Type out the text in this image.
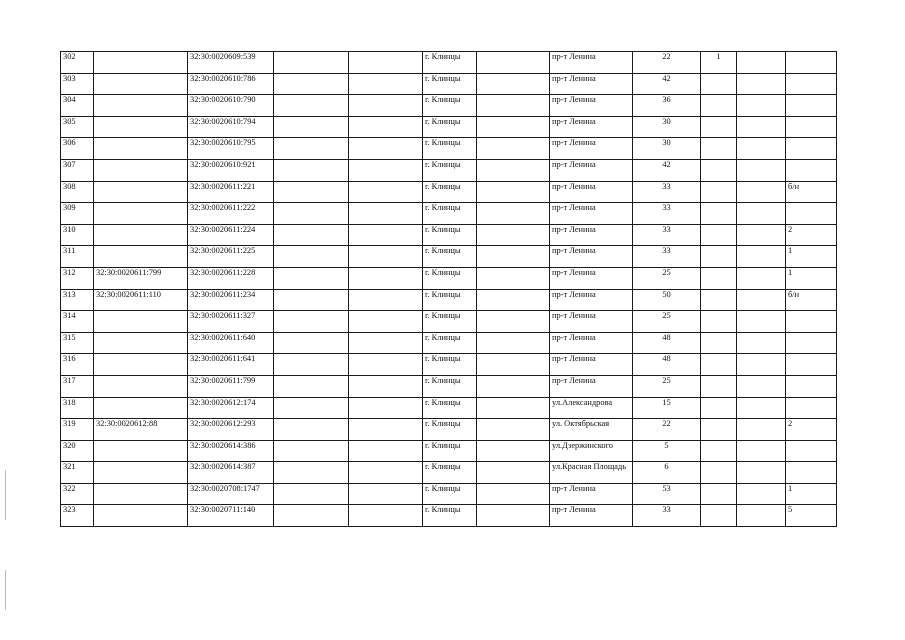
302		32:30:0020609:539			г. Клинцы		пр-т Ленина	22	1		
303		32:30:0020610:786			г. Клинцы		пр-т Ленина	42			
304		32:30:0020610:790			г. Клинцы		пр-т Ленина	36			
305		32:30:0020610:794			г. Клинцы		пр-т Ленина	30			
306		32:30:0020610:795			г. Клинцы		пр-т Ленина	30			
307		32:30:0020610:921			г. Клинцы		пр-т Ленина	42			
308		32:30:0020611:221			г. Клинцы		пр-т Ленина	33			б/н
309		32:30:0020611:222			г. Клинцы		пр-т Ленина	33			
310		32:30:0020611:224			г. Клинцы		пр-т Ленина	33			2
311		32:30:0020611:225			г. Клинцы		пр-т Ленина	33			1
312	32:30:0020611:799	32:30:0020611:228			г. Клинцы		пр-т Ленина	25			1
313	32:30:0020611:110	32:30:0020611:234			г. Клинцы		пр-т Ленина	50			б/н
314		32:30:0020611:327			г. Клинцы		пр-т Ленина	25			
315		32:30:0020611:640			г. Клинцы		пр-т Ленина	48			
316		32:30:0020611:641			г. Клинцы		пр-т Ленина	48			
317		32:30:0020611:799			г. Клинцы		пр-т Ленина	25			
318		32:30:0020612:174			г. Клинцы		ул.Александрова	15			
319	32:30:0020612:88	32:30:0020612:293			г. Клинцы		ул. Октябрьская	22			2
320		32:30:0020614:386			г. Клинцы		ул.Дзержинского	5			
321		32:30:0020614:387			г. Клинцы		ул.Красная Площадь	6			
322		32:30:0020708:1747			г. Клинцы		пр-т Ленина	53			1
323		32:30:0020711:140			г. Клинцы		пр-т Ленина	33			5
